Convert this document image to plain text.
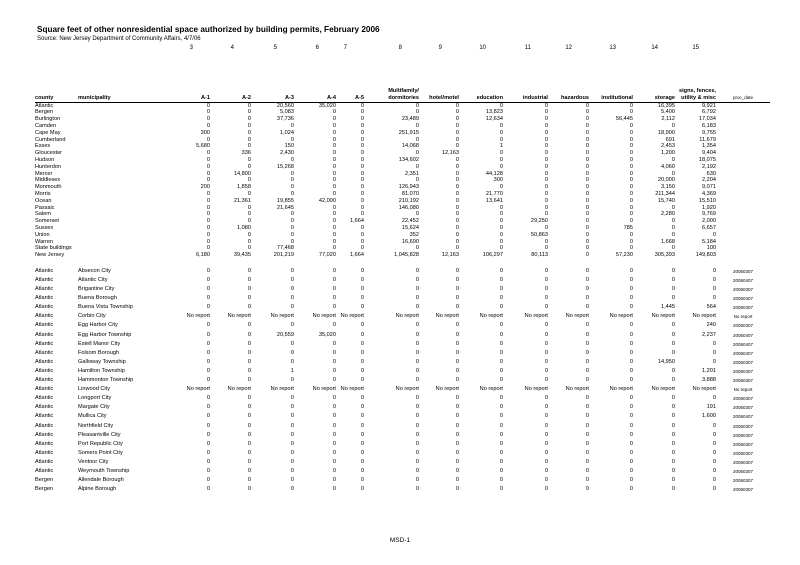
Square feet of other nonresidential space authorized by building permits, February 2006
Source: New Jersey Department of Community Affairs, 4/7/06
3	4	5	6	7	8	9	10	11	12	13	14	15
							Multifamily/							signs, fences,	
county	municipality	A-1	A-2	A-3	A-4	A-5	dormitories	hotel/motel	education	industrial	hazardous	institutional	storage	utility & misc	proc_date
Atlantic		0	0	20,560	35,020	0	0	0	0	0	0	0	16,395	9,921	
Bergen		0	0	5,083	0	0	0	0	13,823	0	0	0	5,400	6,792	
Burlington		0	0	37,736	0	0	23,489	0	12,634	0	0	56,445	2,112	17,034	
Camden		0	0	0	0	0	0	0	0	0	0	0	0	6,183	
Cape May		300	0	1,024	0	0	251,915	0	0	0	0	0	18,900	9,755	
Cumberland		0	0	0	0	0	0	0	0	0	0	0	691	11,679	
Essex		5,680	0	150	0	0	14,068	0	1	0	0	0	2,453	1,354	
Gloucester		0	336	2,430	0	0	0	12,163	0	0	0	0	1,200	9,404	
Hudson		0	0	0	0	0	134,602	0	0	0	0	0	0	18,075	
Hunterdon		0	0	15,268	0	0	0	0	0	0	0	0	4,060	2,192	
Mercer		0	14,800	0	0	0	2,351	0	44,128	0	0	0	0	630	
Middlesex		0	0	0	0	0	0	0	300	0	0	0	20,000	2,204	
Monmouth		200	1,858	0	0	0	126,943	0	0	0	0	0	3,150	9,071	
Morris		0	0	0	0	0	81,070	0	21,770	0	0	0	211,344	4,369	
Ocean		0	21,361	19,855	42,000	0	210,192	0	13,641	0	0	0	15,740	15,510	
Passaic		0	0	21,645	0	0	146,080	0	0	0	0	0	0	1,920	
Salem		0	0	0	0	0	0	0	0	0	0	0	2,280	9,769	
Somerset		0	0	0	0	1,664	22,452	0	0	29,250	0	0	0	2,000	
Sussex		0	1,080	0	0	0	15,624	0	0	0	0	785	0	6,657	
Union		0	0	0	0	0	352	0	0	50,863	0	0	0	0	
Warren		0	0	0	0	0	16,690	0	0	0	0	0	1,668	5,184	
State buildings		0	0	77,468	0	0	0	0	0	0	0	0	0	100	
New Jersey		6,180	39,435	201,219	77,020	1,664	1,045,828	12,163	106,297	80,113	0	57,230	305,393	149,803	

Atlantic	Absecon City	0	0	0	0	0	0	0	0	0	0	0	0	0	20060307
Atlantic	Atlantic City	0	0	0	0	0	0	0	0	0	0	0	0	0	20060407
Atlantic	Brigantine City	0	0	0	0	0	0	0	0	0	0	0	0	0	20060307
Atlantic	Buena Borough	0	0	0	0	0	0	0	0	0	0	0	0	0	20060407
Atlantic	Buena Vista Township	0	0	0	0	0	0	0	0	0	0	0	1,445	564	20060407
Atlantic	Corbin City	No report	No report	No report	No report	No report	No report	No report	No report	No report	No report	No report	No report	No report	No report
Atlantic	Egg Harbor City	0	0	0	0	0	0	0	0	0	0	0	0	240	20060307
Atlantic	Egg Harbor Township	0	0	20,559	35,020	0	0	0	0	0	0	0	0	2,237	20060407
Atlantic	Estell Manor City	0	0	0	0	0	0	0	0	0	0	0	0	0	20060407
Atlantic	Folsom Borough	0	0	0	0	0	0	0	0	0	0	0	0	0	20060407
Atlantic	Galloway Township	0	0	0	0	0	0	0	0	0	0	0	14,950	0	20060307
Atlantic	Hamilton Township	0	0	1	0	0	0	0	0	0	0	0	0	1,201	20060407
Atlantic	Hammonton Township	0	0	0	0	0	0	0	0	0	0	0	0	3,888	20060307
Atlantic	Linwood City	No report	No report	No report	No report	No report	No report	No report	No report	No report	No report	No report	No report	No report	No report
Atlantic	Longport City	0	0	0	0	0	0	0	0	0	0	0	0	0	20060307
Atlantic	Margate City	0	0	0	0	0	0	0	0	0	0	0	0	191	20060307
Atlantic	Mullica City	0	0	0	0	0	0	0	0	0	0	0	0	1,600	20060407
Atlantic	Northfield City	0	0	0	0	0	0	0	0	0	0	0	0	0	20060307
Atlantic	Pleasantville City	0	0	0	0	0	0	0	0	0	0	0	0	0	20060407
Atlantic	Port Republic City	0	0	0	0	0	0	0	0	0	0	0	0	0	20060307
Atlantic	Somers Point City	0	0	0	0	0	0	0	0	0	0	0	0	0	20060307
Atlantic	Ventnor City	0	0	0	0	0	0	0	0	0	0	0	0	0	20060307
Atlantic	Weymouth Township	0	0	0	0	0	0	0	0	0	0	0	0	0	20060307
Bergen	Allendale Borough	0	0	0	0	0	0	0	0	0	0	0	0	0	20060307
Bergen	Alpine Borough	0	0	0	0	0	0	0	0	0	0	0	0	0	20060307
MSD-1
